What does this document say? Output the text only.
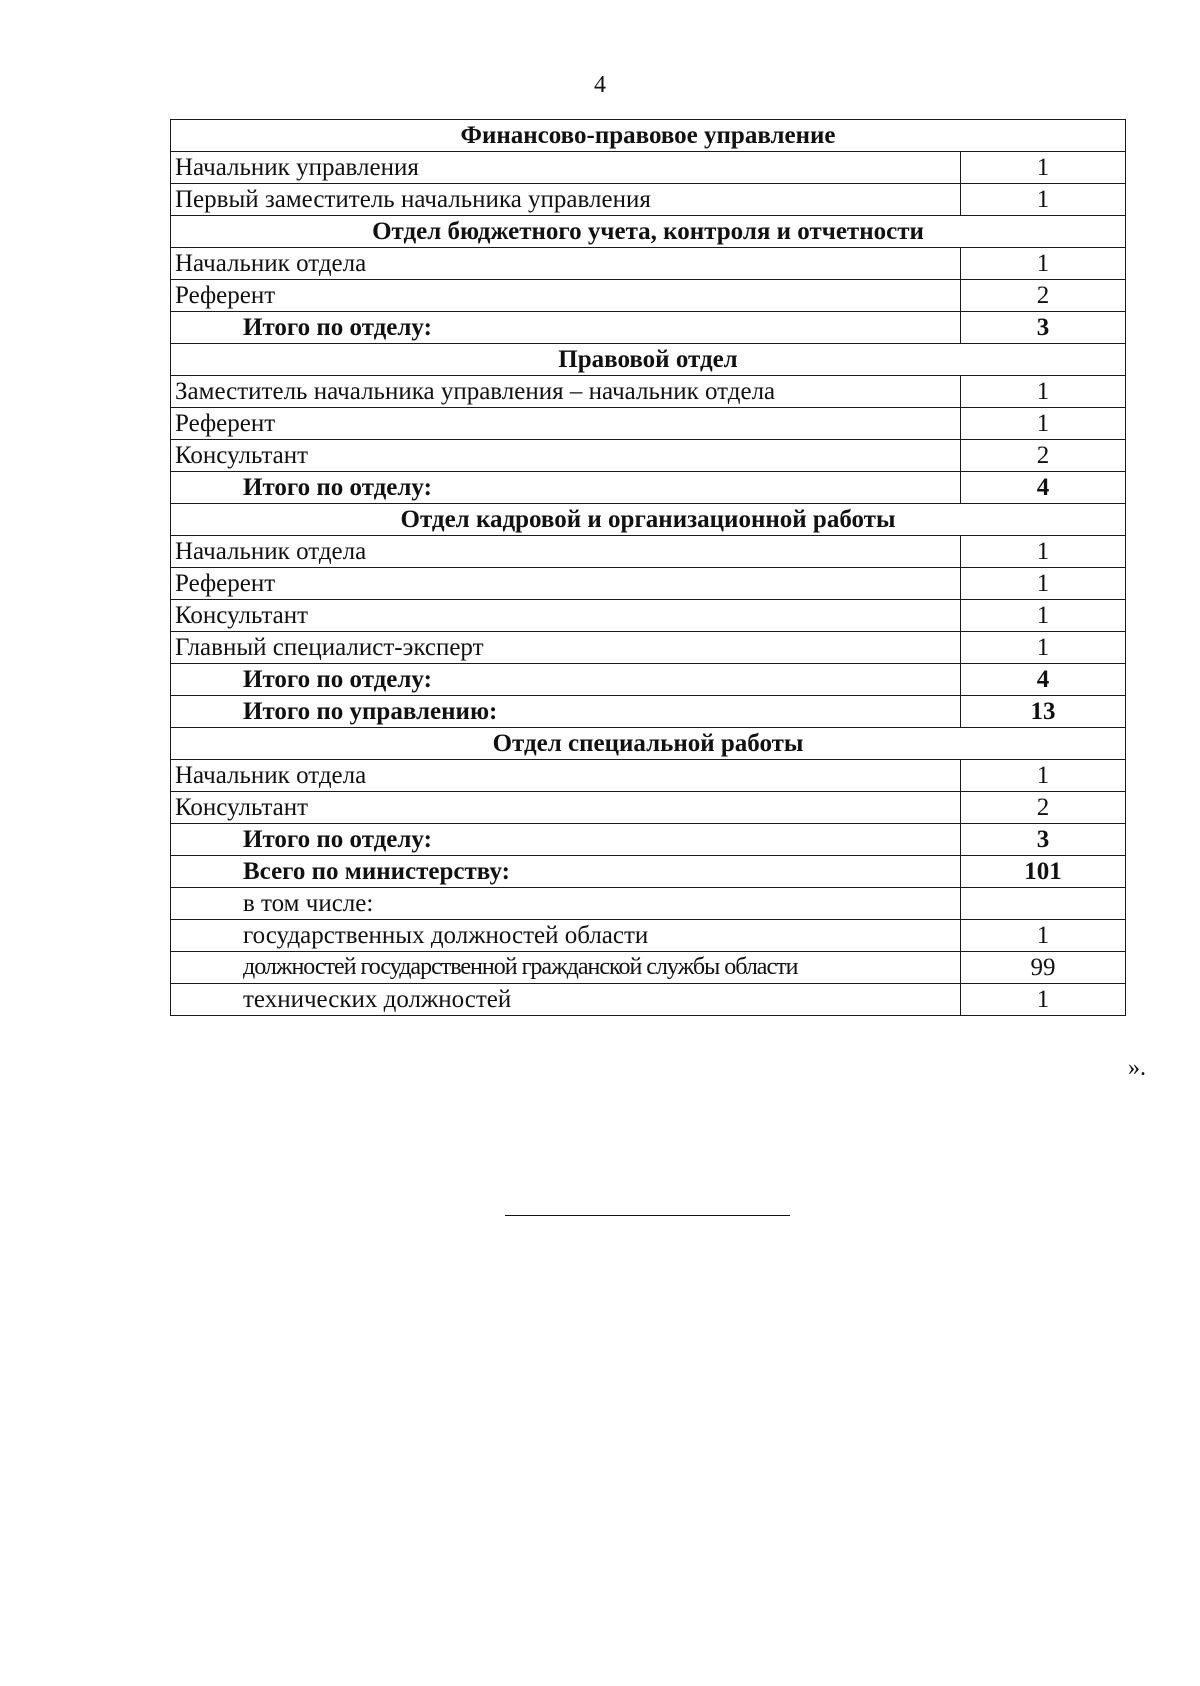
4
Финансово-правовое управление	
Начальник управления	1
Первый заместитель начальника управления	1
Отдел бюджетного учета, контроля и отчетности	
Начальник отдела	1
Референт	2
Итого по отделу:	3
Правовой отдел	
Заместитель начальника управления – начальник отдела	1
Референт	1
Консультант	2
Итого по отделу:	4
Отдел кадровой и организационной работы	
Начальник отдела	1
Референт	1
Консультант	1
Главный специалист-эксперт	1
Итого по отделу:	4
Итого по управлению:	13
Отдел специальной работы	
Начальник отдела	1
Консультант	2
Итого по отделу:	3
Всего по министерству:	101
в том числе:	
государственных должностей области	1
должностей государственной гражданской службы области	99
технических должностей	1
».
